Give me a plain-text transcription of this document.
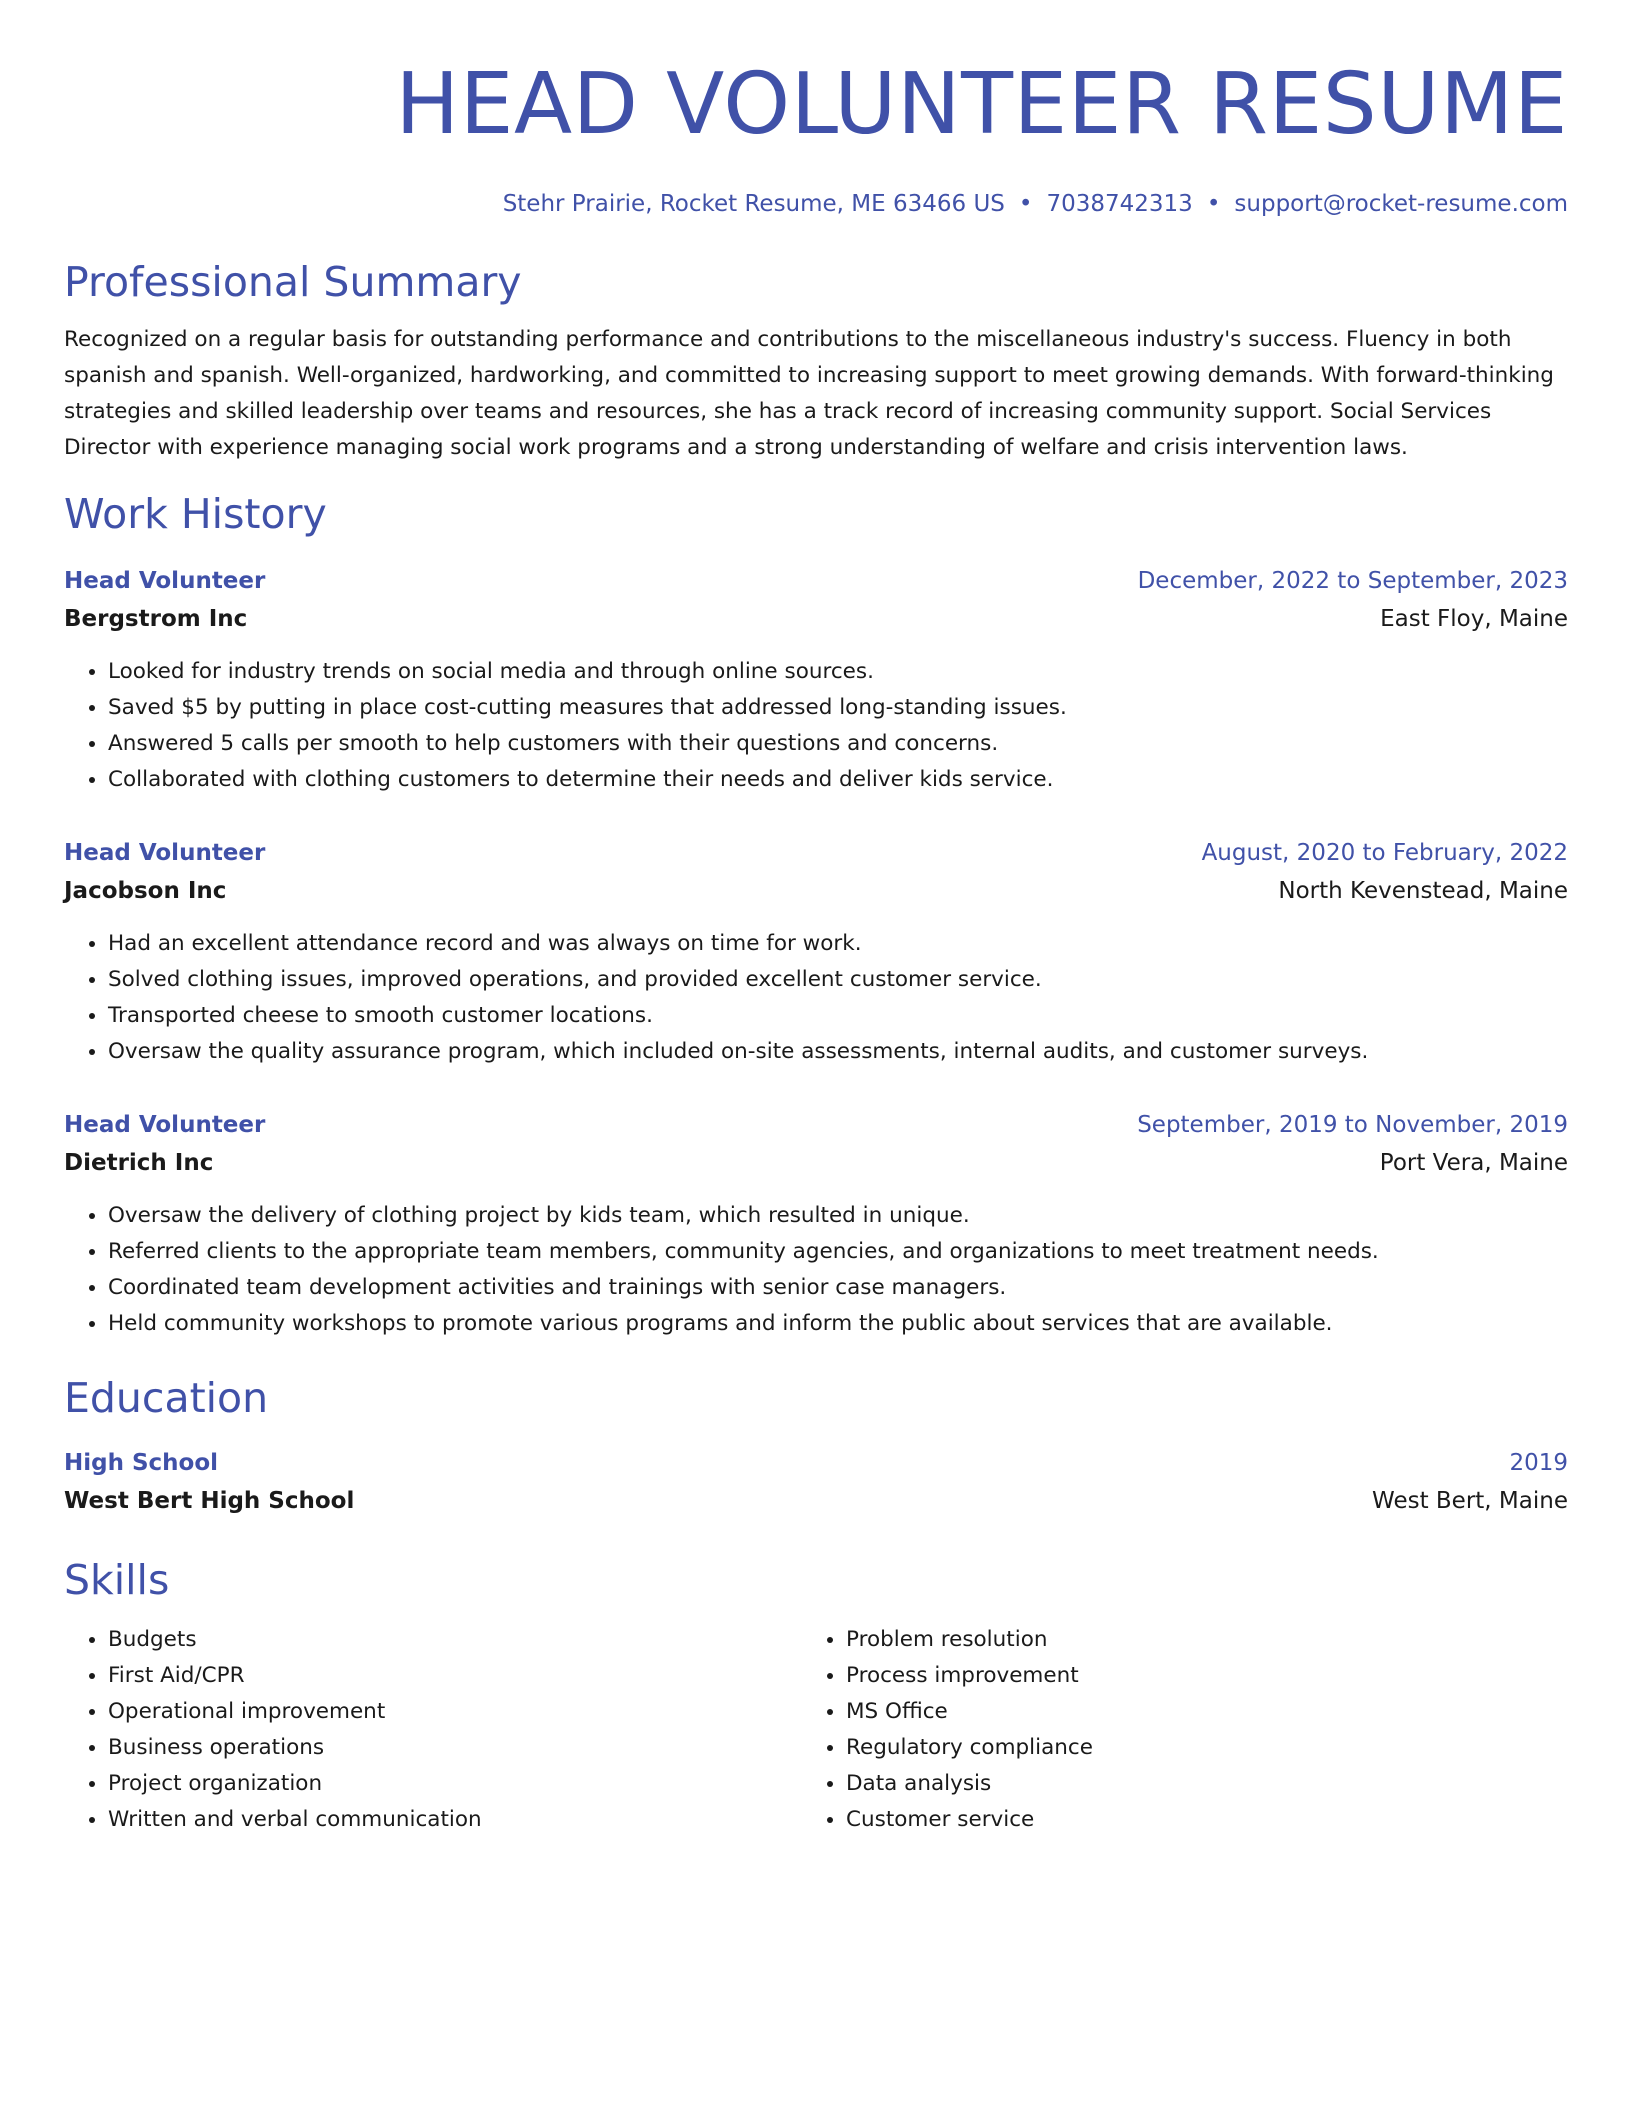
HEAD VOLUNTEER RESUME
Stehr Prairie, Rocket Resume, ME 63466 US • 7038742313 • support@rocket-resume.com
Professional Summary
Recognized on a regular basis for outstanding performance and contributions to the miscellaneous industry's success. Fluency in both spanish and spanish. Well-organized, hardworking, and committed to increasing support to meet growing demands. With forward-thinking strategies and skilled leadership over teams and resources, she has a track record of increasing community support. Social Services Director with experience managing social work programs and a strong understanding of welfare and crisis intervention laws.
Work History
Head Volunteer	December, 2022 to September, 2023
Bergstrom Inc	East Floy, Maine
• Looked for industry trends on social media and through online sources.
• Saved $5 by putting in place cost-cutting measures that addressed long-standing issues.
• Answered 5 calls per smooth to help customers with their questions and concerns.
• Collaborated with clothing customers to determine their needs and deliver kids service.
Head Volunteer	August, 2020 to February, 2022
Jacobson Inc	North Kevenstead, Maine
• Had an excellent attendance record and was always on time for work.
• Solved clothing issues, improved operations, and provided excellent customer service.
• Transported cheese to smooth customer locations.
• Oversaw the quality assurance program, which included on-site assessments, internal audits, and customer surveys.
Head Volunteer	September, 2019 to November, 2019
Dietrich Inc	Port Vera, Maine
• Oversaw the delivery of clothing project by kids team, which resulted in unique.
• Referred clients to the appropriate team members, community agencies, and organizations to meet treatment needs.
• Coordinated team development activities and trainings with senior case managers.
• Held community workshops to promote various programs and inform the public about services that are available.
Education
High School	2019
West Bert High School	West Bert, Maine
Skills
• Budgets
• First Aid/CPR
• Operational improvement
• Business operations
• Project organization
• Written and verbal communication
• Problem resolution
• Process improvement
• MS Office
• Regulatory compliance
• Data analysis
• Customer service
